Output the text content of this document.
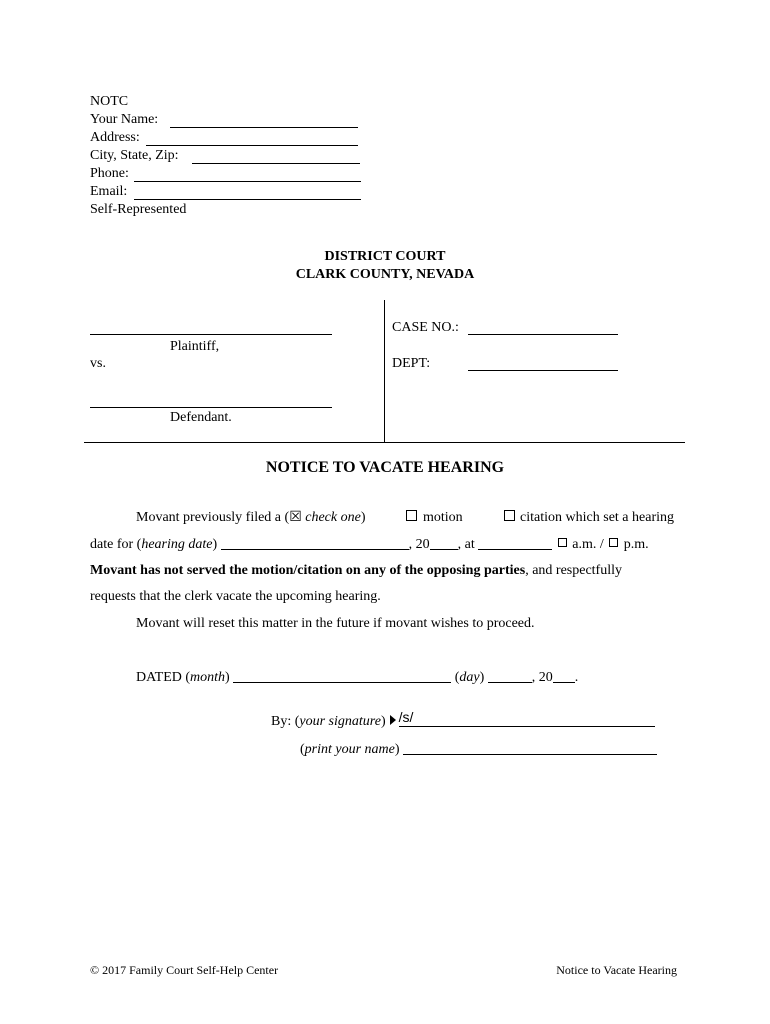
NOTC
Your Name:
Address:
City, State, Zip:
Phone:
Email:
Self-Represented
DISTRICT COURT
CLARK COUNTY, NEVADA
Plaintiff,
vs.
Defendant.
CASE NO.:
DEPT:
NOTICE TO VACATE HEARING
Movant previously filed a (☒ check one)	motion	citation which set a hearing
date for (hearing date)	, 20 , at	a.m. / p.m.
Movant has not served the motion/citation on any of the opposing parties, and respectfully
requests that the clerk vacate the upcoming hearing.
Movant will reset this matter in the future if movant wishes to proceed.
DATED (month)	(day)	, 20 .
By: (your signature) /s/
(print your name)
© 2017 Family Court Self-Help Center	Notice to Vacate Hearing
